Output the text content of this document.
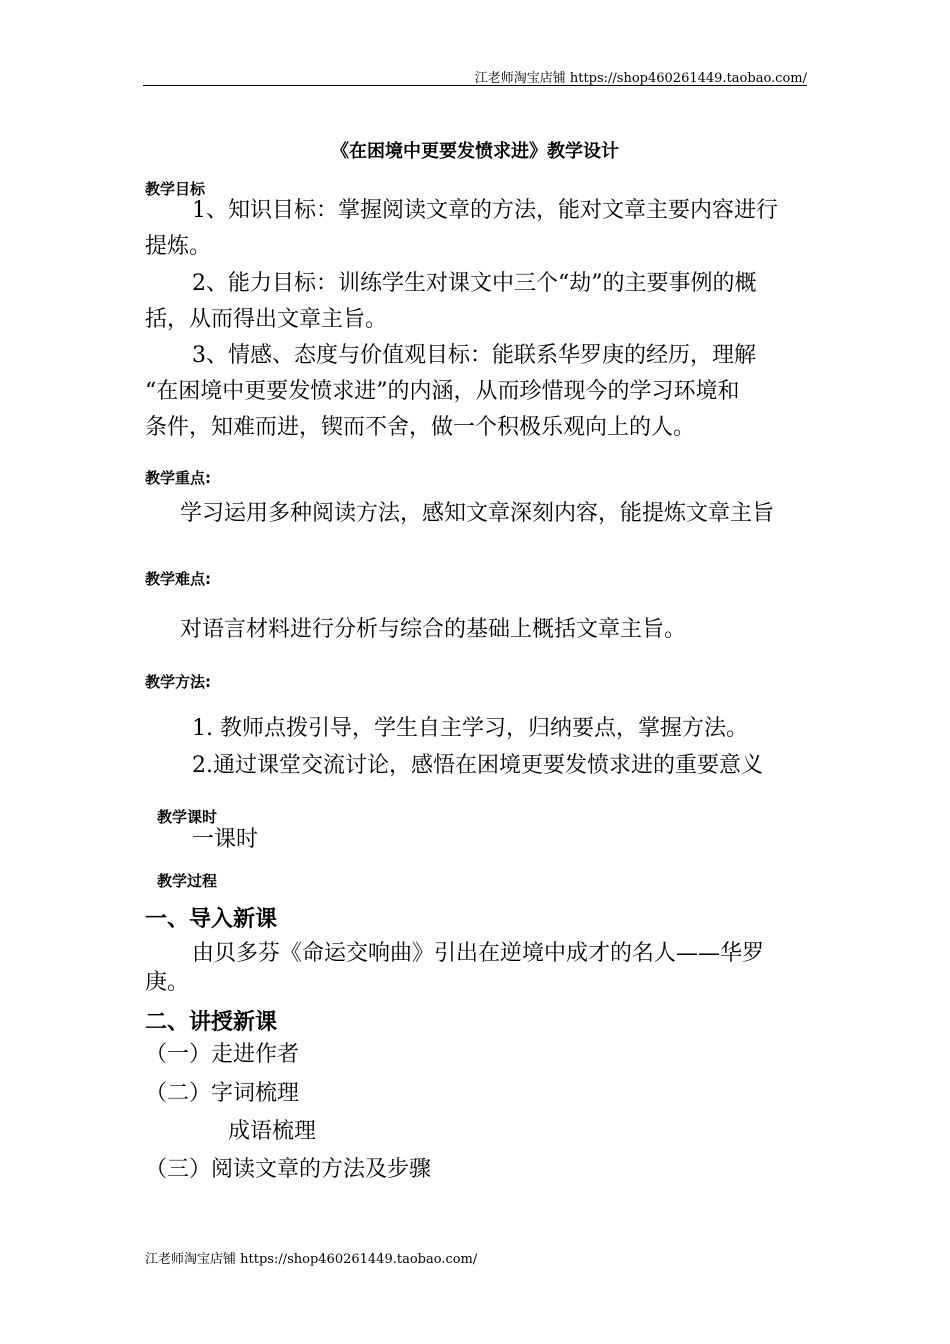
江老师淘宝店铺 https://shop460261449.taobao.com/
《在困境中更要发愤求进》教学设计
教学目标
1、知识目标：掌握阅读文章的方法，能对文章主要内容进行
提炼。
2、能力目标：训练学生对课文中三个“劫”的主要事例的概
括，从而得出文章主旨。
3、情感、态度与价值观目标：能联系华罗庚的经历，理解
“在困境中更要发愤求进”的内涵，从而珍惜现今的学习环境和
条件，知难而进，锲而不舍，做一个积极乐观向上的人。
教学重点:
学习运用多种阅读方法，感知文章深刻内容，能提炼文章主旨
教学难点:
对语言材料进行分析与综合的基础上概括文章主旨。
教学方法:
1. 教师点拨引导，学生自主学习，归纳要点，掌握方法。
2.通过课堂交流讨论，感悟在困境更要发愤求进的重要意义
教学课时
一课时
教学过程
一、导入新课
由贝多芬《命运交响曲》引出在逆境中成才的名人——华罗
庚。
二、讲授新课
（一）走进作者
（二）字词梳理
成语梳理
（三）阅读文章的方法及步骤
江老师淘宝店铺 https://shop460261449.taobao.com/
